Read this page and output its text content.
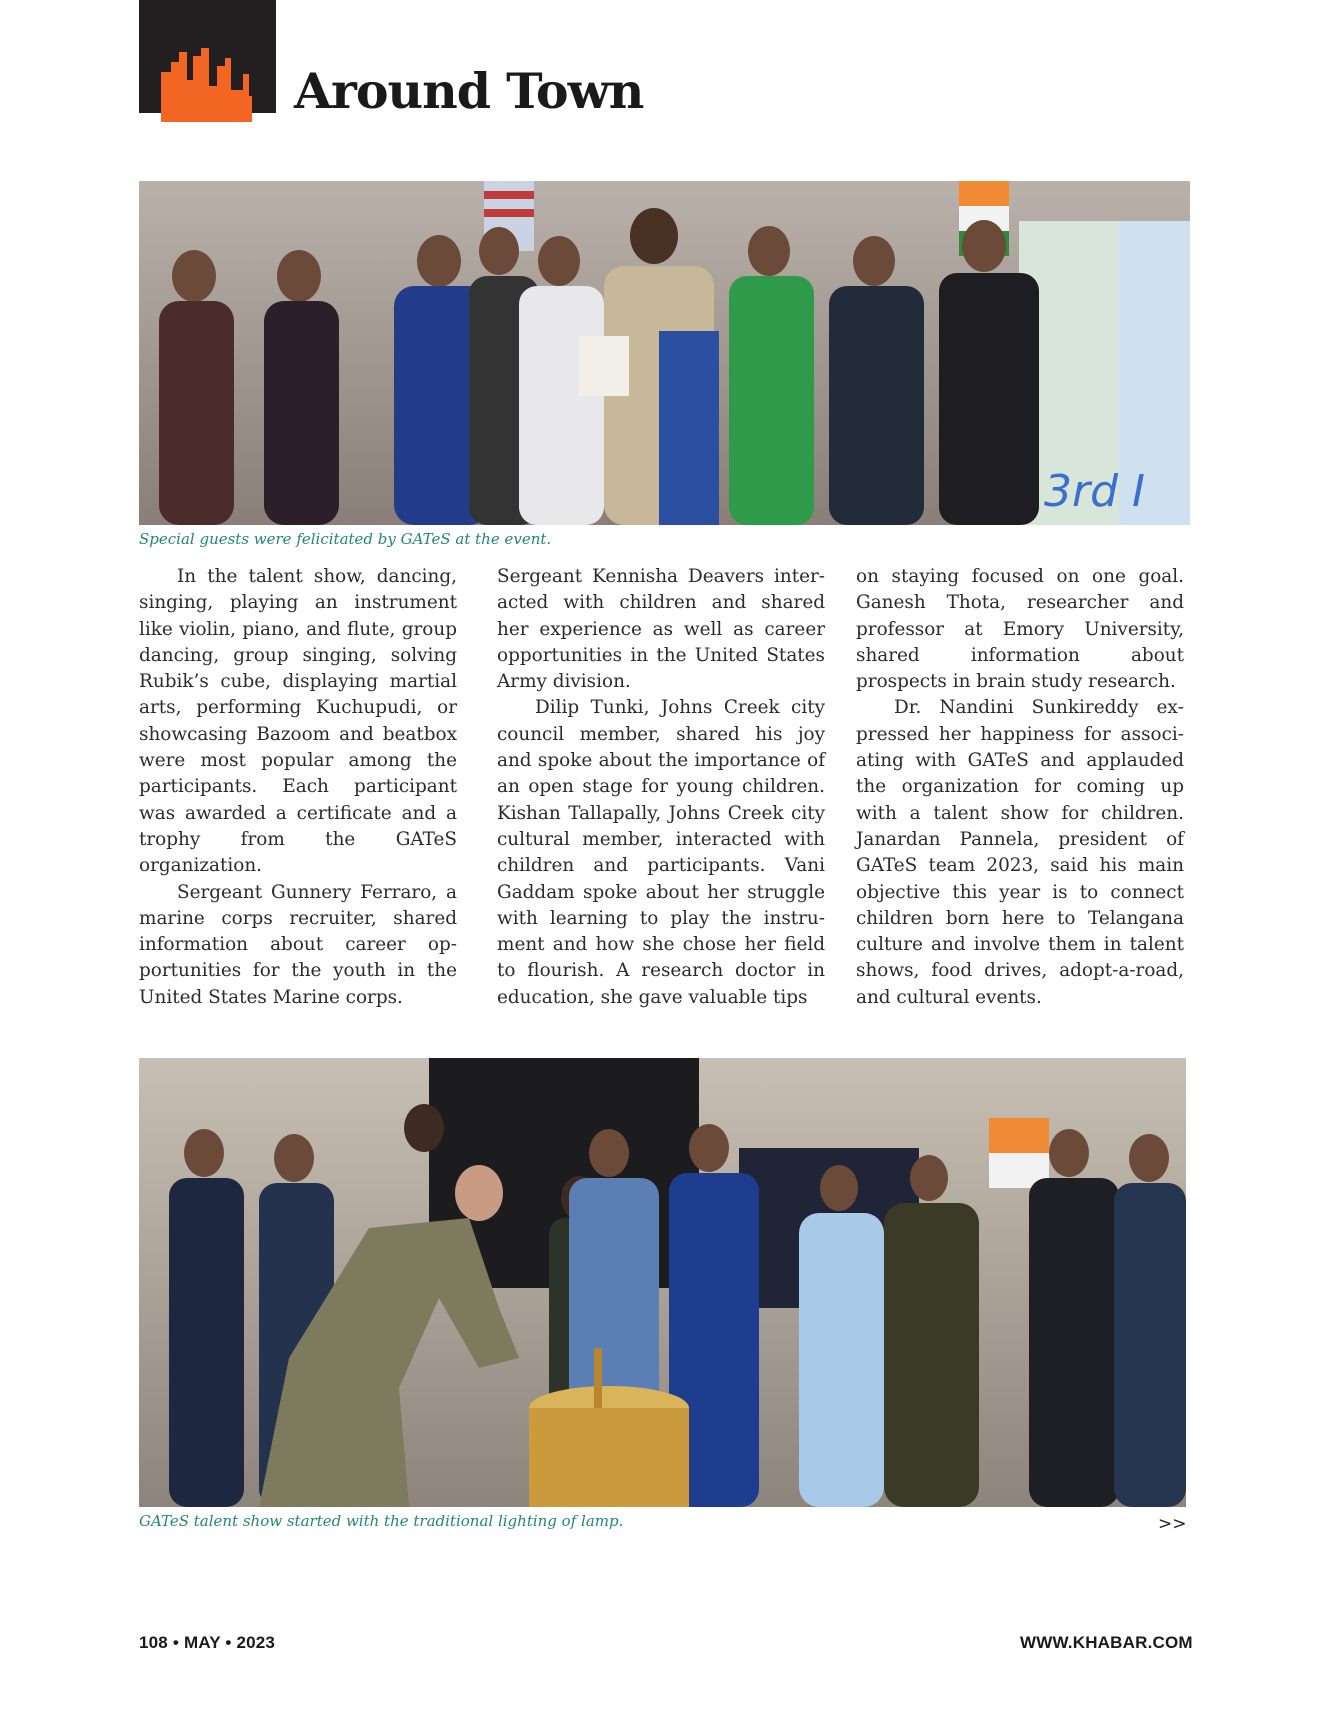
Around Town
3rd I
Special guests were felicitated by GATeS at the event.

In the talent show, dancing, singing, playing an instrument like violin, piano, and flute, group dancing, group singing, solving Rubik’s cube, displaying martial arts, performing Kuchupudi, or showcasing Bazoom and beatbox were most popular among the participants. Each participant was awarded a certificate and a trophy from the GATeS organization.

Sergeant Gunnery Ferraro, a marine corps recruiter, shared information about career opportunities for the youth in the United States Marine corps.

Sergeant Kennisha Deavers interacted with children and shared her experience as well as career opportunities in the United States Army division.

Dilip Tunki, Johns Creek city council member, shared his joy and spoke about the importance of an open stage for young children. Kishan Tallapally, Johns Creek city cultural member, interacted with children and participants. Vani Gaddam spoke about her struggle with learning to play the instrument and how she chose her field to flourish. A research doctor in education, she gave valuable tips

on staying focused on one goal. Ganesh Thota, researcher and professor at Emory University, shared information about prospects in brain study research.

Dr. Nandini Sunkireddy expressed her happiness for associating with GATeS and applauded the organization for coming up with a talent show for children. Janardan Pannela, president of GATeS team 2023, said his main objective this year is to connect children born here to Telangana culture and involve them in talent shows, food drives, adopt-a-road, and cultural events.

GATeS talent show started with the traditional lighting of lamp.	>>
108 • MAY • 2023	WWW.KHABAR.COM
